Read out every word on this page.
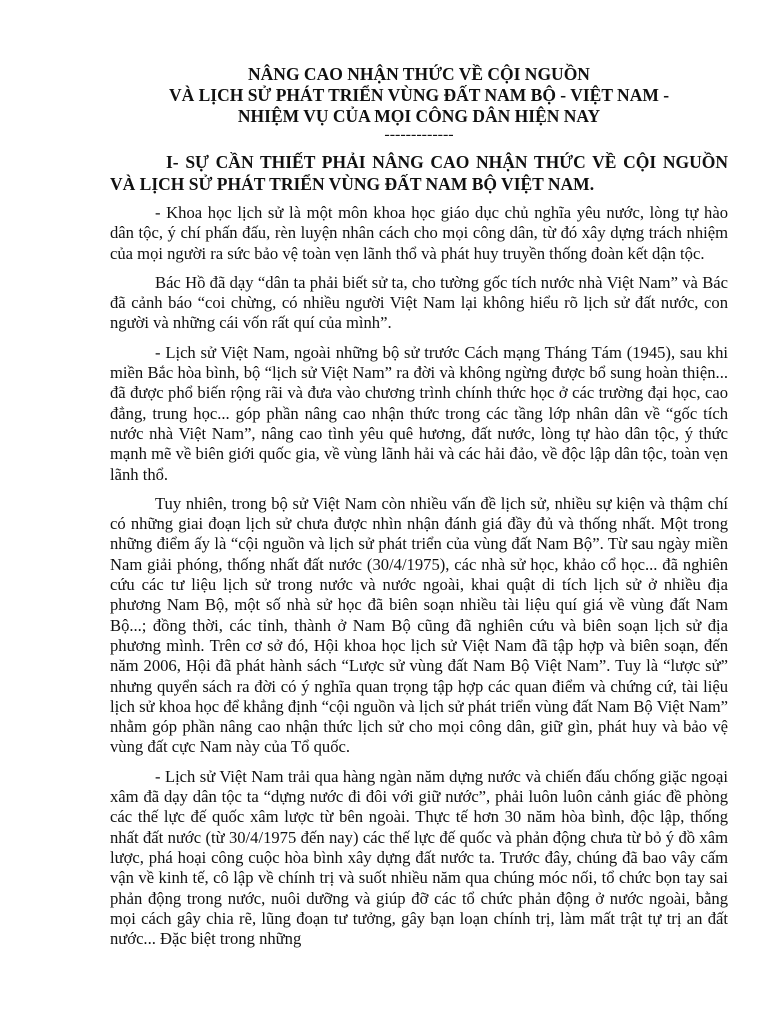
NÂNG CAO NHẬN THỨC VỀ CỘI NGUỒN
VÀ LỊCH SỬ PHÁT TRIỂN VÙNG ĐẤT NAM BỘ - VIỆT NAM -
NHIỆM VỤ CỦA MỌI CÔNG DÂN HIỆN NAY
-------------
I- SỰ CẦN THIẾT PHẢI NÂNG CAO NHẬN THỨC VỀ CỘI NGUỒN VÀ LỊCH SỬ PHÁT TRIỂN VÙNG ĐẤT NAM BỘ VIỆT NAM.

- Khoa học lịch sử là một môn khoa học giáo dục chủ nghĩa yêu nước, lòng tự hào dân tộc, ý chí phấn đấu, rèn luyện nhân cách cho mọi công dân, từ đó xây dựng trách nhiệm của mọi người ra sức bảo vệ toàn vẹn lãnh thổ và phát huy truyền thống đoàn kết dận tộc.

Bác Hồ đã dạy “dân ta phải biết sử ta, cho tường gốc tích nước nhà Việt Nam” và Bác đã cảnh báo “coi chừng, có nhiều người Việt Nam lại không hiểu rõ lịch sử đất nước, con người và những cái vốn rất quí của mình”.

- Lịch sử Việt Nam, ngoài những bộ sử trước Cách mạng Tháng Tám (1945), sau khi miền Bắc hòa bình, bộ “lịch sử Việt Nam” ra đời và không ngừng được bổ sung hoàn thiện... đã được phổ biến rộng rãi và đưa vào chương trình chính thức học ở các trường đại học, cao đẳng, trung học... góp phần nâng cao nhận thức trong các tầng lớp nhân dân về “gốc tích nước nhà Việt Nam”, nâng cao tình yêu quê hương, đất nước, lòng tự hào dân tộc, ý thức mạnh mẽ về biên giới quốc gia, về vùng lãnh hải và các hải đảo, về độc lập dân tộc, toàn vẹn lãnh thổ.

Tuy nhiên, trong bộ sử Việt Nam còn nhiều vấn đề lịch sử, nhiều sự kiện và thậm chí có những giai đoạn lịch sử chưa được nhìn nhận đánh giá đầy đủ và thống nhất. Một trong những điểm ấy là “cội nguồn và lịch sử phát triển của vùng đất Nam Bộ”. Từ sau ngày miền Nam giải phóng, thống nhất đất nước (30/4/1975), các nhà sử học, khảo cổ học... đã nghiên cứu các tư liệu lịch sử trong nước và nước ngoài, khai quật di tích lịch sử ở nhiều địa phương Nam Bộ, một số nhà sử học đã biên soạn nhiều tài liệu quí giá về vùng đất Nam Bộ...; đồng thời, các tỉnh, thành ở Nam Bộ cũng đã nghiên cứu và biên soạn lịch sử địa phương mình. Trên cơ sở đó, Hội khoa học lịch sử Việt Nam đã tập hợp và biên soạn, đến năm 2006, Hội đã phát hành sách “Lược sử vùng đất Nam Bộ Việt Nam”. Tuy là “lược sử” nhưng quyển sách ra đời có ý nghĩa quan trọng tập hợp các quan điểm và chứng cứ, tài liệu lịch sử khoa học để khẳng định “cội nguồn và lịch sử phát triển vùng đất Nam Bộ Việt Nam” nhằm góp phần nâng cao nhận thức lịch sử cho mọi công dân, giữ gìn, phát huy và bảo vệ vùng đất cực Nam này của Tổ quốc.

- Lịch sử Việt Nam trải qua hàng ngàn năm dựng nước và chiến đấu chống giặc ngoại xâm đã dạy dân tộc ta “dựng nước đi đôi với giữ nước”, phải luôn luôn cảnh giác đề phòng các thế lực đế quốc xâm lược từ bên ngoài. Thực tế hơn 30 năm hòa bình, độc lập, thống nhất đất nước (từ 30/4/1975 đến nay) các thế lực đế quốc và phản động chưa từ bỏ ý đồ xâm lược, phá hoại công cuộc hòa bình xây dựng đất nước ta. Trước đây, chúng đã bao vây cấm vận về kinh tế, cô lập về chính trị và suốt nhiều năm qua chúng móc nối, tổ chức bọn tay sai phản động trong nước, nuôi dưỡng và giúp đỡ các tổ chức phản động ở nước ngoài, bằng mọi cách gây chia rẽ, lũng đoạn tư tưởng, gây bạn loạn chính trị, làm mất trật tự trị an đất nước... Đặc biệt trong những
